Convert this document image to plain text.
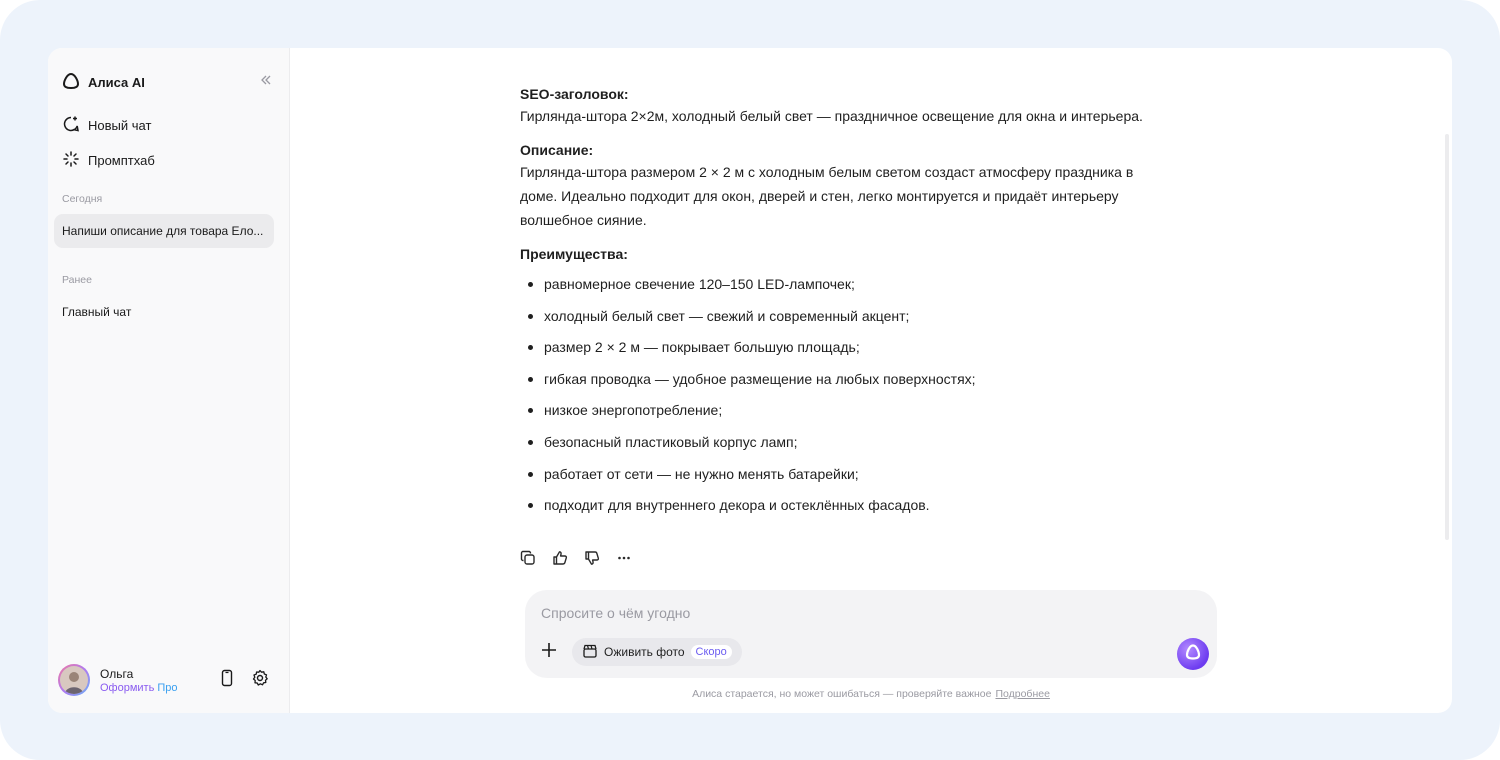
Алиса AI
Новый чат
Промптхаб
Сегодня
Напиши описание для товара Ело...
Ранее
Главный чат
Ольга
Оформить Про
SEO-заголовок:

Гирлянда-штора 2×2м, холодный белый свет — праздничное освещение для окна и интерьера.

Описание:

Гирлянда-штора размером 2 × 2 м с холодным белым светом создаст атмосферу праздника в доме. Идеально подходит для окон, дверей и стен, легко монтируется и придаёт интерьеру волшебное сияние.

Преимущества:
равномерное свечение 120–150 LED-лампочек;
холодный белый свет — свежий и современный акцент;
размер 2 × 2 м — покрывает большую площадь;
гибкая проводка — удобное размещение на любых поверхностях;
низкое энергопотребление;
безопасный пластиковый корпус ламп;
работает от сети — не нужно менять батарейки;
подходит для внутреннего декора и остеклённых фасадов.
Спросите о чём угодно
Оживить фото	Скоро
Алиса старается, но может ошибаться — проверяйте важное Подробнее
